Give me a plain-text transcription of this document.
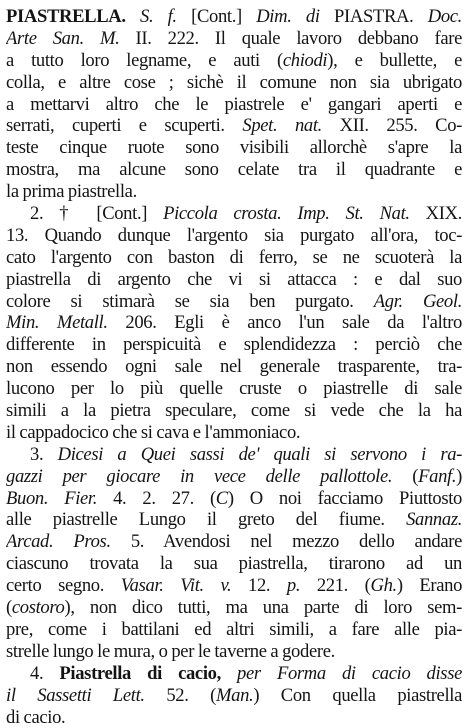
PIASTRELLA. S. f. [Cont.] Dim. di PIASTRA. Doc.
Arte San. M. II. 222. Il quale lavoro debbano fare
a tutto loro legname, e auti (chiodi), e bullette, e
colla, e altre cose ; sichè il comune non sia ubrigato
a mettarvi altro che le piastrele e' gangari aperti e
serrati, cuperti e scuperti. Spet. nat. XII. 255. Co-
teste cinque ruote sono visibili allorchè s'apre la
mostra, ma alcune sono celate tra il quadrante e
la prima piastrella.
2. † [Cont.] Piccola crosta. Imp. St. Nat. XIX.
13. Quando dunque l'argento sia purgato all'ora, toc-
cato l'argento con baston di ferro, se ne scuoterà la
piastrella di argento che vi si attacca : e dal suo
colore si stimarà se sia ben purgato. Agr. Geol.
Min. Metall. 206. Egli è anco l'un sale da l'altro
differente in perspicuità e splendidezza : perciò che
non essendo ogni sale nel generale trasparente, tra-
lucono per lo più quelle cruste o piastrelle di sale
simili a la pietra speculare, come si vede che la ha
il cappadocico che si cava e l'ammoniaco.
3. Dicesi a Quei sassi de' quali si servono i ra-
gazzi per giocare in vece delle pallottole. (Fanf.)
Buon. Fier. 4. 2. 27. (C) O noi facciamo Piuttosto
alle piastrelle Lungo il greto del fiume. Sannaz.
Arcad. Pros. 5. Avendosi nel mezzo dello andare
ciascuno trovata la sua piastrella, tirarono ad un
certo segno. Vasar. Vit. v. 12. p. 221. (Gh.) Erano
(costoro), non dico tutti, ma una parte di loro sem-
pre, come i battilani ed altri simili, a fare alle pia-
strelle lungo le mura, o per le taverne a godere.
4. Piastrella di cacio, per Forma di cacio disse
il Sassetti Lett. 52. (Man.) Con quella piastrella
di cacio.
